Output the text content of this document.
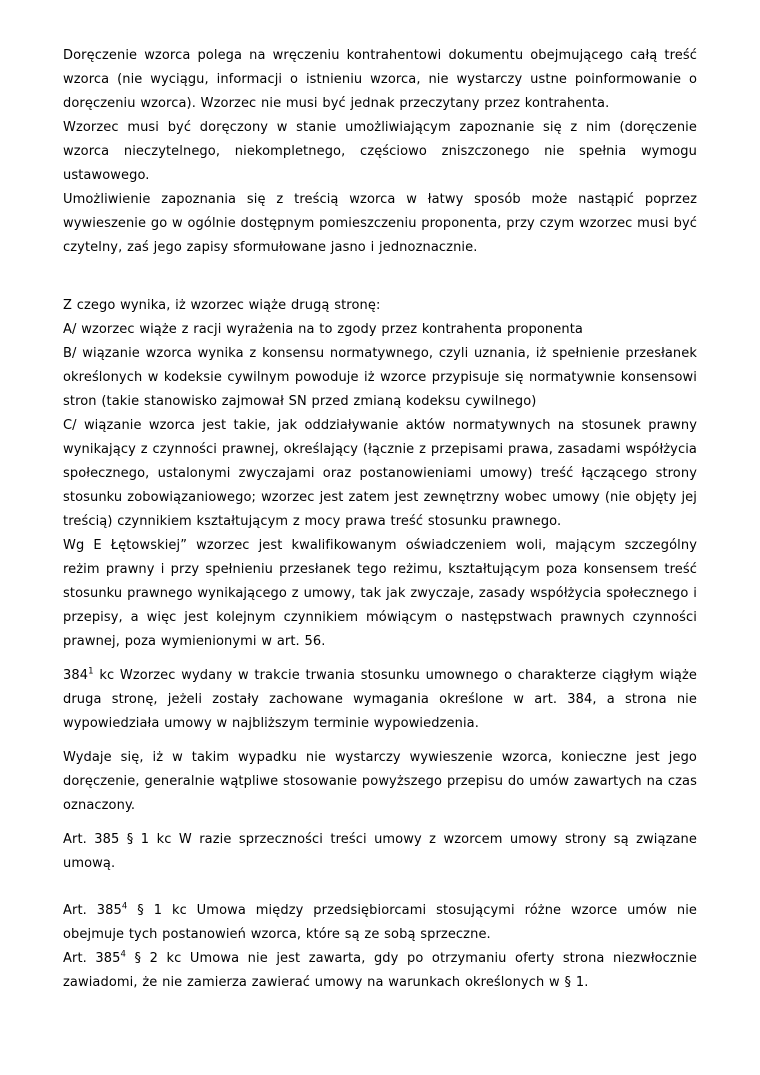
Doręczenie wzorca polega na wręczeniu kontrahentowi dokumentu obejmującego całą treść wzorca (nie wyciągu, informacji o istnieniu wzorca, nie wystarczy ustne poinformowanie o doręczeniu wzorca). Wzorzec nie musi być jednak przeczytany przez kontrahenta.

Wzorzec musi być doręczony w stanie umożliwiającym zapoznanie się z nim (doręczenie wzorca nieczytelnego, niekompletnego, częściowo zniszczonego nie spełnia wymogu ustawowego.

Umożliwienie zapoznania się z treścią wzorca w łatwy sposób może nastąpić poprzez wywieszenie go w ogólnie dostępnym pomieszczeniu proponenta, przy czym wzorzec musi być czytelny, zaś jego zapisy sformułowane jasno i jednoznacznie.

Z czego wynika, iż wzorzec wiąże drugą stronę:

A/ wzorzec wiąże z racji wyrażenia na to zgody przez kontrahenta proponenta

B/ wiązanie wzorca wynika z konsensu normatywnego, czyli uznania, iż spełnienie przesłanek określonych w kodeksie cywilnym powoduje iż wzorce przypisuje się normatywnie konsensowi stron (takie stanowisko zajmował SN przed zmianą kodeksu cywilnego)

C/ wiązanie wzorca jest takie, jak oddziaływanie aktów normatywnych na stosunek prawny wynikający z czynności prawnej, określający (łącznie z przepisami prawa, zasadami współżycia społecznego, ustalonymi zwyczajami oraz postanowieniami umowy) treść łączącego strony stosunku zobowiązaniowego; wzorzec jest zatem jest zewnętrzny wobec umowy (nie objęty jej treścią) czynnikiem kształtującym z mocy prawa treść stosunku prawnego.

Wg E Łętowskiej” wzorzec jest kwalifikowanym oświadczeniem woli, mającym szczególny reżim prawny i przy spełnieniu przesłanek tego reżimu, kształtującym poza konsensem treść stosunku prawnego wynikającego z umowy, tak jak zwyczaje, zasady współżycia społecznego i przepisy, a więc jest kolejnym czynnikiem mówiącym o następstwach prawnych czynności prawnej, poza wymienionymi w art. 56.

$384^1$ kc Wzorzec wydany w trakcie trwania stosunku umownego o charakterze ciągłym wiąże druga stronę, jeżeli zostały zachowane wymagania określone w art. 384, a strona nie wypowiedziała umowy w najbliższym terminie wypowiedzenia.

Wydaje się, iż w takim wypadku nie wystarczy wywieszenie wzorca, konieczne jest jego doręczenie, generalnie wątpliwe stosowanie powyższego przepisu do umów zawartych na czas oznaczony.

Art. 385 § 1 kc W razie sprzeczności treści umowy z wzorcem umowy strony są związane umową.

Art. $385^4$ § 1 kc Umowa między przedsiębiorcami stosującymi różne wzorce umów nie obejmuje tych postanowień wzorca, które są ze sobą sprzeczne.

Art. $385^4$ § 2 kc Umowa nie jest zawarta, gdy po otrzymaniu oferty strona niezwłocznie zawiadomi, że nie zamierza zawierać umowy na warunkach określonych w § 1.
